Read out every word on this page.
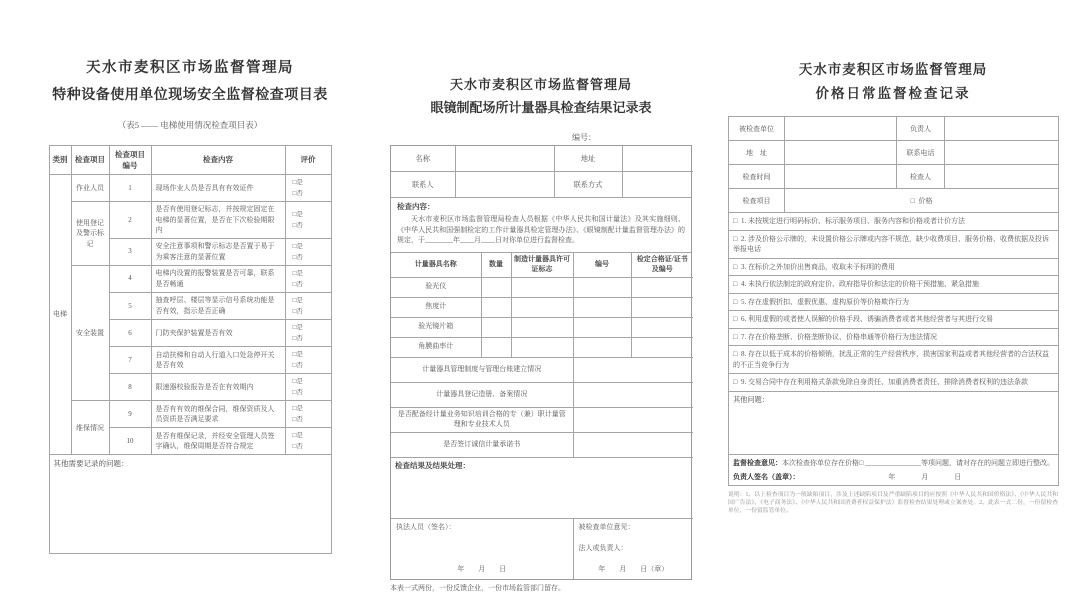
天水市麦积区市场监督管理局
特种设备使用单位现场安全监督检查项目表
（表5 —— 电梯使用情况检查项目表）
类别	检查项目	检查项目编号	检查内容	评价
电梯	作业人员	1	现场作业人员是否具有有效证件	□是
□否

	使用登记及警示标记	2	是否有使用登记标志，并按规定固定在电梯的显著位置，是否在下次检验期限内	□是
□否

		3	安全注意事项和警示标志是否置于易于为乘客注意的显著位置	□是
□否

	安全装置	4	电梯内设置的报警装置是否可靠，联系是否畅通	□是
□否

		5	抽查呼层、楼层等显示信号系统功能是否有效，指示是否正确	□是
□否

		6	门防夹保护装置是否有效	□是
□否

		7	自动扶梯和自动人行道入口处急停开关是否有效	□是
□否

		8	限速器校验报告是否在有效期内	□是
□否

	维保情况	9	是否有有效的维保合同，维保资质及人员资质是否满足要求	□是
□否

		10	是否有维保记录，并经安全管理人员签字确认，维保周期是否符合规定	□是
□否

其他需要记录的问题：				
天水市麦积区市场监督管理局
眼镜制配场所计量器具检查结果记录表
编号：
名称		地址	
联系人		联系方式	
检查内容：

天水市麦积区市场监督管理局检查人员根据《中华人民共和国计量法》及其实施细则、《中华人民共和国强制检定的工作计量器具检定管理办法》、《眼镜制配计量监督管理办法》的规定，于________年____月____日对你单位进行监督检查。

计量器具名称	数量	制造计量器具许可证标志	编号	检定合格证/证书及编号
验光仪				
焦度计				
验光镜片箱				
角膜曲率计				
计量器具管理制度与管理台账建立情况				
计量器具登记造册、备案情况				
是否配备经计量业务知识培训合格的专（兼）职计量管理和专业技术人员				
是否签订诚信计量承诺书				
检查结果及结果处理：				

执法人员（签名）：
年　　月　　日			被检查单位意见：
法人或负责人：
年　　月　　日（章）	
本表一式两份，一份反馈企业，一份市场监管部门留存。
天水市麦积区市场监督管理局
价格日常监督检查记录
被检查单位		负责人	
地　址		联系电话	
检查时间		检查人	
检查项目	□ 价格		
□ 1. 未按规定进行明码标价、标示服务项目、服务内容和价格或者计价方法			
□ 2. 涉及价格公示牌的，未设置价格公示牌或内容不规范，缺少收费项目、服务价格、收费依据及投诉举报电话			
□ 3. 在标价之外加价出售商品，收取未予标明的费用			
□ 4. 未执行依法制定的政府定价、政府指导价和法定的价格干预措施、紧急措施			
□ 5. 存在虚假折扣、虚假优惠、虚构原价等价格欺诈行为			
□ 6. 利用虚假的或者使人误解的价格手段、诱骗消费者或者其他经营者与其进行交易			
□ 7. 存在价格垄断、价格垄断协议、价格串通等价格行为违法情况			
□ 8. 存在以低于成本的价格倾销，扰乱正常的生产经营秩序，损害国家利益或者其他经营者的合法权益的不正当竞争行为			
□ 9. 交易合同中存在利用格式条款免除自身责任、加重消费者责任、排除消费者权利的违法条款			
其他问题：			

监督检查意见：本次检查你单位存在价格□ ________________等项问题，请对存在的问题立即进行整改。

负责人签名（盖章）： 年　　月　　日			
说明：1、以上检查项目为一般缺陷项目，涉及上述缺陷项目及严重缺陷项目的应按照《中华人民共和国价格法》、《中华人民共和国广告法》、《电子商务法》、《中华人民共和国消费者权益保护法》监督检查结果处理或立案查处。2、此表一式二份，一份留检查单位，一份留监管单位。
